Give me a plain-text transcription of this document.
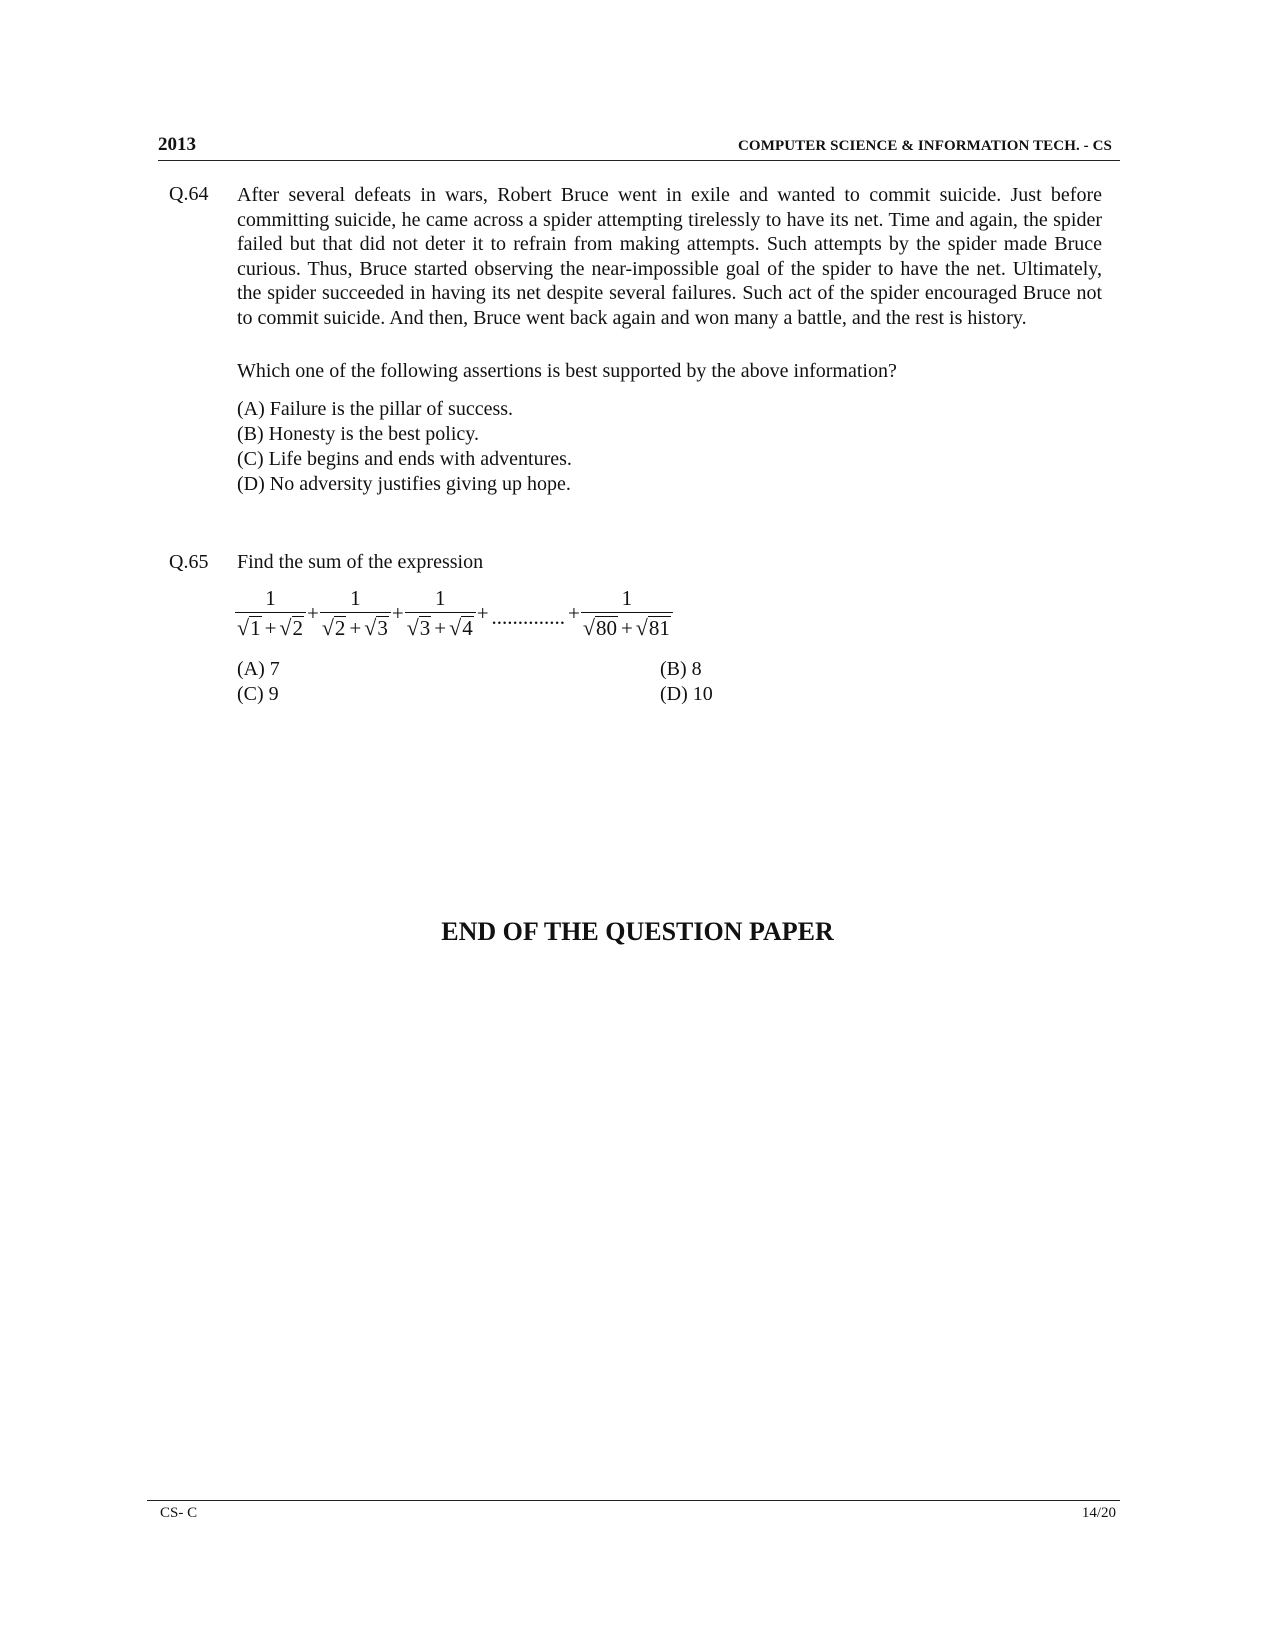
2013	COMPUTER SCIENCE & INFORMATION TECH. - CS
Q.64 After several defeats in wars, Robert Bruce went in exile and wanted to commit suicide. Just before committing suicide, he came across a spider attempting tirelessly to have its net. Time and again, the spider failed but that did not deter it to refrain from making attempts. Such attempts by the spider made Bruce curious. Thus, Bruce started observing the near-impossible goal of the spider to have the net. Ultimately, the spider succeeded in having its net despite several failures. Such act of the spider encouraged Bruce not to commit suicide. And then, Bruce went back again and won many a battle, and the rest is history.
Which one of the following assertions is best supported by the above information?
(A) Failure is the pillar of success.
(B) Honesty is the best policy.
(C) Life begins and ends with adventures.
(D) No adversity justifies giving up hope.
Q.65 Find the sum of the expression
$\frac{1}{√ 1 + √ 2} + \frac{1}{√ 2 + √ 3} + \frac{1}{√ 3 + √ 4}$ + .............. + $\frac{1}{√ 80 + √ 81}$
(A) 7	(B) 8
(C) 9	(D) 10
END OF THE QUESTION PAPER
CS- C	14/20
